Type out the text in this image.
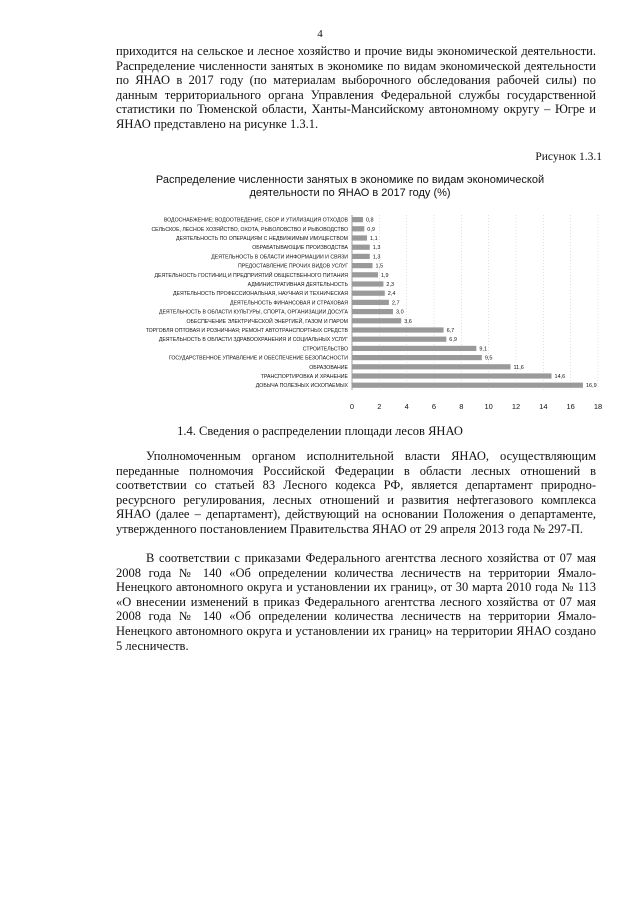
4

приходится на сельское и лесное хозяйство и прочие виды экономической деятельности. Распределение численности занятых в экономике по видам экономической деятельности по ЯНАО в 2017 году (по материалам выборочного обследования рабочей силы) по данным территориального органа Управления Федеральной службы государственной статистики по Тюменской области, Ханты-Мансийскому автономному округу – Югре и ЯНАО представлено на рисунке 1.3.1.

Рисунок 1.3.1
Распределение численности занятых в экономике по видам экономической деятельности по ЯНАО в 2017 году (%)
ВОДОСНАБЖЕНИЕ; ВОДООТВЕДЕНИЕ, СБОР И УТИЛИЗАЦИЯ ОТХОДОВ	0,8
СЕЛЬСКОЕ, ЛЕСНОЕ ХОЗЯЙСТВО, ОХОТА, РЫБОЛОВСТВО И РЫБОВОДСТВО	0,9
ДЕЯТЕЛЬНОСТЬ ПО ОПЕРАЦИЯМ С НЕДВИЖИМЫМ ИМУЩЕСТВОМ	1,1
ОБРАБАТЫВАЮЩИЕ ПРОИЗВОДСТВА	1,3
ДЕЯТЕЛЬНОСТЬ В ОБЛАСТИ ИНФОРМАЦИИ И СВЯЗИ	1,3
ПРЕДОСТАВЛЕНИЕ ПРОЧИХ ВИДОВ УСЛУГ	1,5
ДЕЯТЕЛЬНОСТЬ ГОСТИНИЦ И ПРЕДПРИЯТИЙ ОБЩЕСТВЕННОГО ПИТАНИЯ	1,9
АДМИНИСТРАТИВНАЯ ДЕЯТЕЛЬНОСТЬ	2,3
ДЕЯТЕЛЬНОСТЬ ПРОФЕССИОНАЛЬНАЯ, НАУЧНАЯ И ТЕХНИЧЕСКАЯ	2,4
ДЕЯТЕЛЬНОСТЬ ФИНАНСОВАЯ И СТРАХОВАЯ	2,7
ДЕЯТЕЛЬНОСТЬ В ОБЛАСТИ КУЛЬТУРЫ, СПОРТА, ОРГАНИЗАЦИИ ДОСУГА	3,0
ОБЕСПЕЧЕНИЕ ЭЛЕКТРИЧЕСКОЙ ЭНЕРГИЕЙ, ГАЗОМ И ПАРОМ	3,6
ТОРГОВЛЯ ОПТОВАЯ И РОЗНИЧНАЯ; РЕМОНТ АВТОТРАНСПОРТНЫХ СРЕДСТВ	6,7
ДЕЯТЕЛЬНОСТЬ В ОБЛАСТИ ЗДРАВООХРАНЕНИЯ И СОЦИАЛЬНЫХ УСЛУГ	6,9
СТРОИТЕЛЬСТВО	9,1
ГОСУДАРСТВЕННОЕ УПРАВЛЕНИЕ И ОБЕСПЕЧЕНИЕ БЕЗОПАСНОСТИ	9,5
ОБРАЗОВАНИЕ	11,6
ТРАНСПОРТИРОВКА И ХРАНЕНИЕ	14,6
ДОБЫЧА ПОЛЕЗНЫХ ИСКОПАЕМЫХ	16,9
0	2	4	6	8	10	12	14	16	18
1.4. Сведения о распределении площади лесов ЯНАО

Уполномоченным органом исполнительной власти ЯНАО, осуществляющим переданные полномочия Российской Федерации в области лесных отношений в соответствии со статьей 83 Лесного кодекса РФ, является департамент природно-ресурсного регулирования, лесных отношений и развития нефтегазового комплекса ЯНАО (далее – департамент), действующий на основании Положения о департаменте, утвержденного постановлением Правительства ЯНАО от 29 апреля 2013 года № 297-П.

В соответствии с приказами Федерального агентства лесного хозяйства от 07 мая 2008 года № 140 «Об определении количества лесничеств на территории Ямало-Ненецкого автономного округа и установлении их границ», от 30 марта 2010 года № 113 «О внесении изменений в приказ Федерального агентства лесного хозяйства от 07 мая 2008 года № 140 «Об определении количества лесничеств на территории Ямало-Ненецкого автономного округа и установлении их границ» на территории ЯНАО создано 5 лесничеств.
